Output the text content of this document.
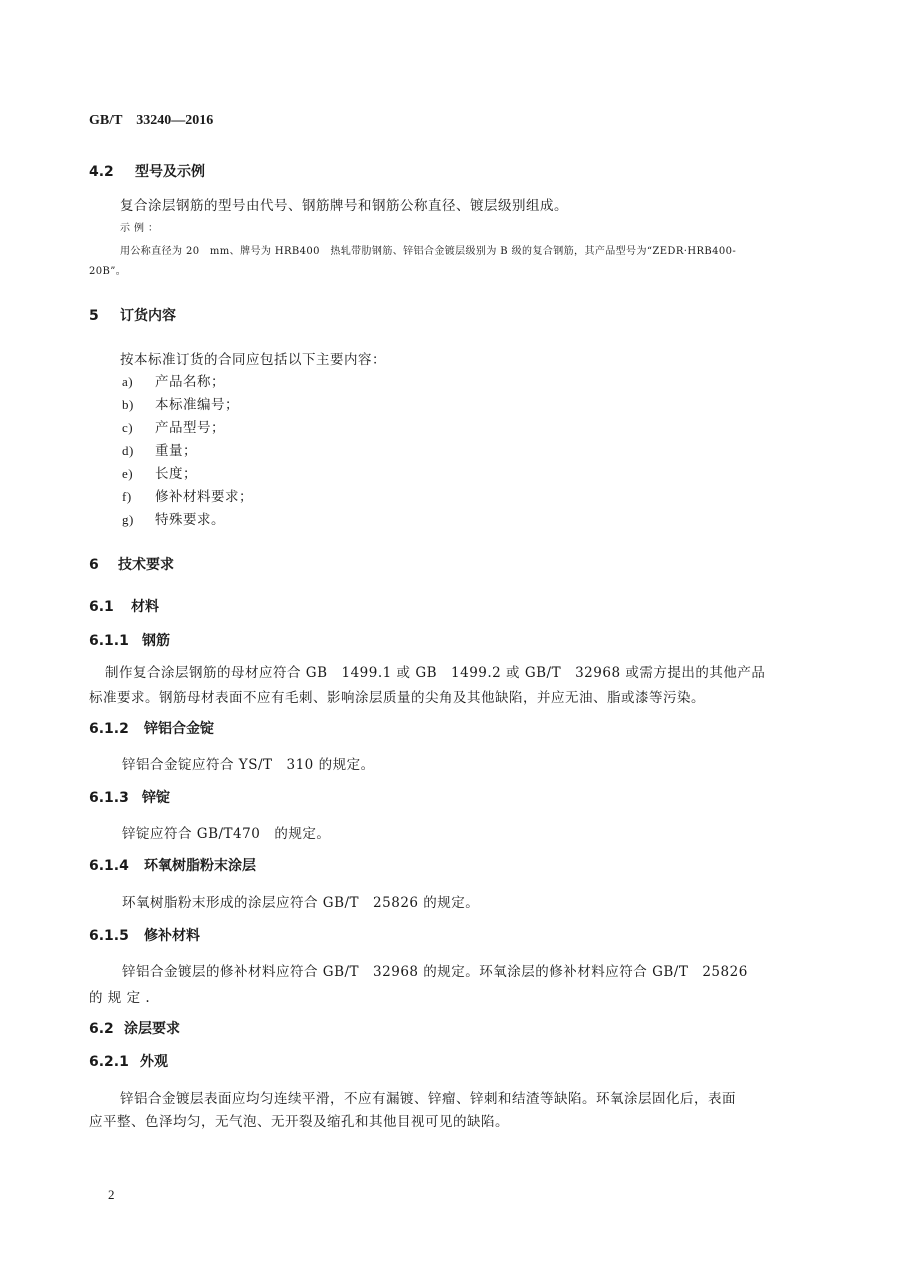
GB/T　33240—2016
4.2 型号及示例
复合涂层钢筋的型号由代号、钢筋牌号和钢筋公称直径、镀层级别组成。
示 例 ：
用公称直径为 20　mm、牌号为 HRB400　热轧带肋钢筋、锌铝合金镀层级别为 B 级的复合钢筋，其产品型号为“ZEDR·HRB400-
20B”。
5 订货内容
按本标准订货的合同应包括以下主要内容：
a) 产品名称；
b) 本标准编号；
c) 产品型号；
d) 重量；
e) 长度；
f) 修补材料要求；
g) 特殊要求。
6 技术要求
6.1 材料
6.1.1 钢筋
制作复合涂层钢筋的母材应符合 GB　1499.1 或 GB　1499.2 或 GB/T　32968 或需方提出的其他产品
标准要求。钢筋母材表面不应有毛刺、影响涂层质量的尖角及其他缺陷，并应无油、脂或漆等污染。
6.1.2 锌铝合金锭
锌铝合金锭应符合 YS/T　310 的规定。
6.1.3 锌锭
锌锭应符合 GB/T470　的规定。
6.1.4 环氧树脂粉末涂层
环氧树脂粉末形成的涂层应符合 GB/T　25826 的规定。
6.1.5 修补材料
锌铝合金镀层的修补材料应符合 GB/T　32968 的规定。环氧涂层的修补材料应符合 GB/T　25826
的 规 定 .
6.2 涂层要求
6.2.1 外观
锌铝合金镀层表面应均匀连续平滑，不应有漏镀、锌瘤、锌刺和结渣等缺陷。环氧涂层固化后，表面
应平整、色泽均匀，无气泡、无开裂及缩孔和其他目视可见的缺陷。
2
